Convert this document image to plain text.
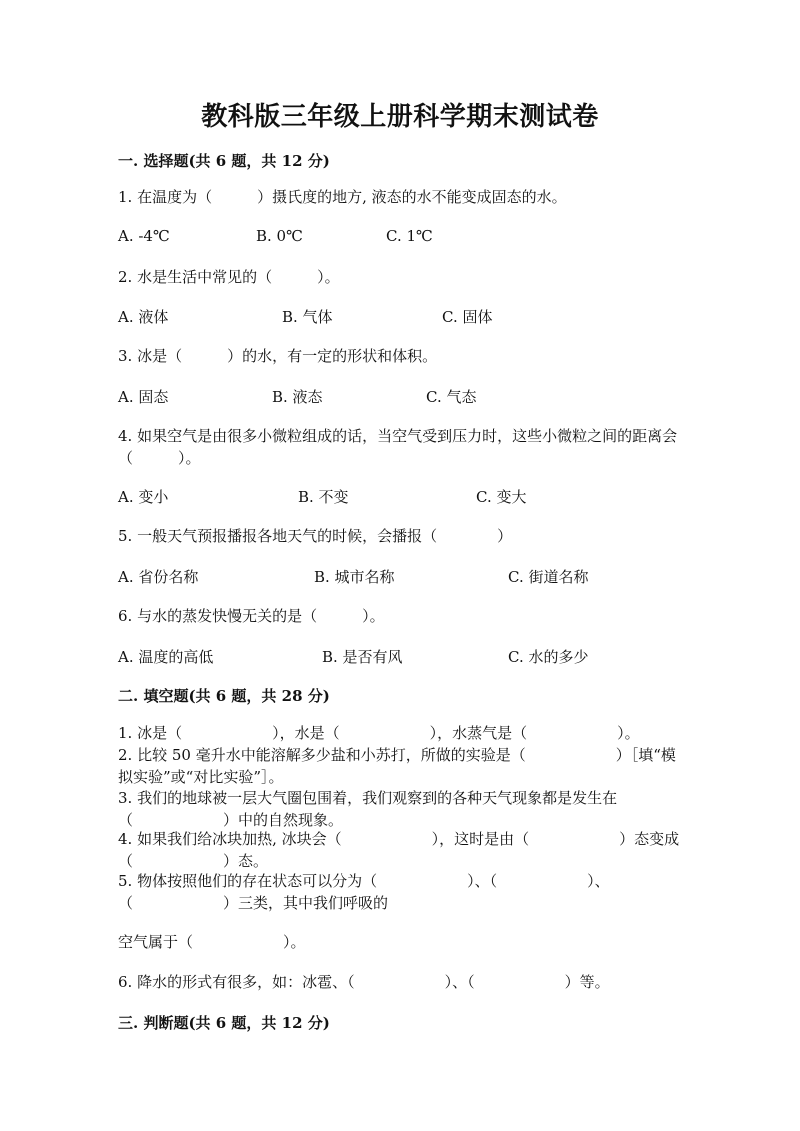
教科版三年级上册科学期末测试卷
一. 选择题(共 6 题，共 12 分)
1. 在温度为（　　　）摄氏度的地方, 液态的水不能变成固态的水。
A. -4℃	B. 0℃	C. 1℃
2. 水是生活中常见的（　　　）。
A. 液体	B. 气体	C. 固体
3. 冰是（　　　）的水，有一定的形状和体积。
A. 固态	B. 液态	C. 气态
4. 如果空气是由很多小微粒组成的话，当空气受到压力时，这些小微粒之间的距离会（　　　）。
A. 变小	B. 不变	C. 变大
5. 一般天气预报播报各地天气的时候，会播报（　　　　）
A. 省份名称	B. 城市名称	C. 街道名称
6. 与水的蒸发快慢无关的是（　　　）。
A. 温度的高低	B. 是否有风	C. 水的多少
二. 填空题(共 6 题，共 28 分)
1. 冰是（　　　　　　），水是（　　　　　　），水蒸气是（　　　　　　）。
2. 比较 50 毫升水中能溶解多少盐和小苏打，所做的实验是（　　　　　　）［填“模拟实验”或“对比实验”］。
3. 我们的地球被一层大气圈包围着，我们观察到的各种天气现象都是发生在（　　　　　　）中的自然现象。
4. 如果我们给冰块加热, 冰块会（　　　　　　），这时是由（　　　　　　）态变成（　　　　　　）态。
5. 物体按照他们的存在状态可以分为（　　　　　　）、（　　　　　　）、（　　　　　　）三类，其中我们呼吸的
空气属于（　　　　　　）。
6. 降水的形式有很多，如：冰雹、（　　　　　　）、（　　　　　　）等。
三. 判断题(共 6 题，共 12 分)
